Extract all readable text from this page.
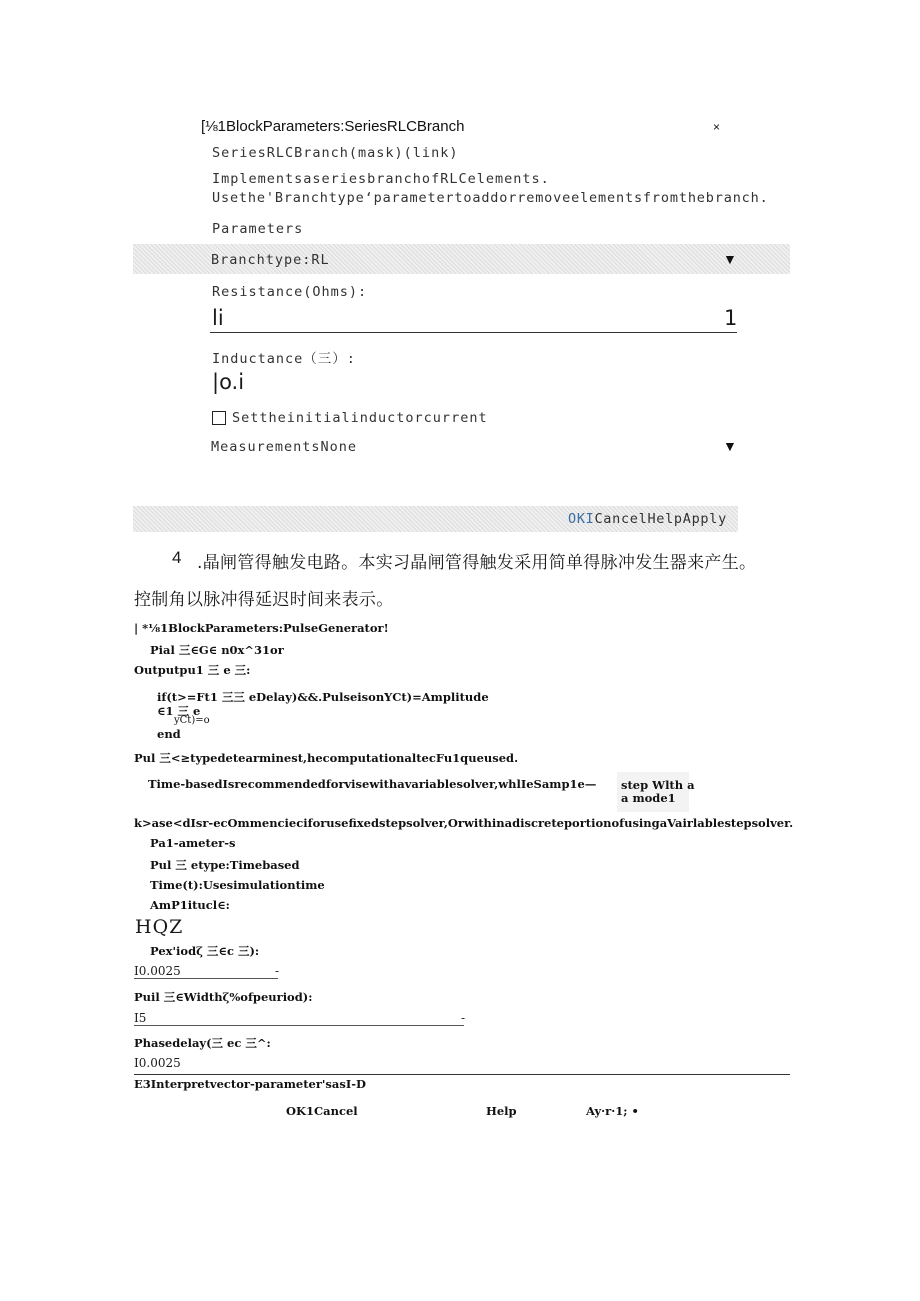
[⅛1BlockParameters:SeriesRLCBranch	×
SeriesRLCBranch(mask)(link)
ImplementsaseriesbranchofRLCelements.
Usethe'Branchtype‘parametertoaddorremoveelementsfromthebranch.
Parameters
Branchtype:RL	▼
Resistance(Ohms):
li	1
Inductance（三）:
|o.i
Settheinitialinductorcurrent
MeasurementsNone	▼
OKICancelHelpApply
4 .晶闸管得触发电路。本实习晶闸管得触发采用简单得脉冲发生器来产生。
控制角以脉冲得延迟时间来表示。
| *⅛1BlockParameters:PulseGenerator!
Pial 三∈G∈ n0x^31or
Outputpu1 三 e 三:
if(t>=Ft1 三三 eDelay)&&.PulseisonYCt)=Amplitude
∈1 三 e
yCt)=o
end
Pul 三<≥typedetearminest,hecomputationaltecFu1queused.
Time-basedIsrecommendedforvisewithavariablesolver,whlIeSamp1e— step Wlth a
a mode1
k>ase<dIsr-ecOmmencieciforusefixedstepsolver,OrwithinadiscreteportionofusingaVairlablestepsolver.
Pa1-ameter-s
Pul 三 etype:Timebased
Time(t):Usesimulationtime
AmP1itucl∈:
HQZ
Pex'iodζ 三∈c 三):
I0.0025	-
Puil 三∈Widthζ%ofpeuriod):
I5	-
Phasedelay(三 ec 三^:
I0.0025
E3Interpretvector-parameter'sasI-D
OK1Cancel	Help	Ay·r·1; •
